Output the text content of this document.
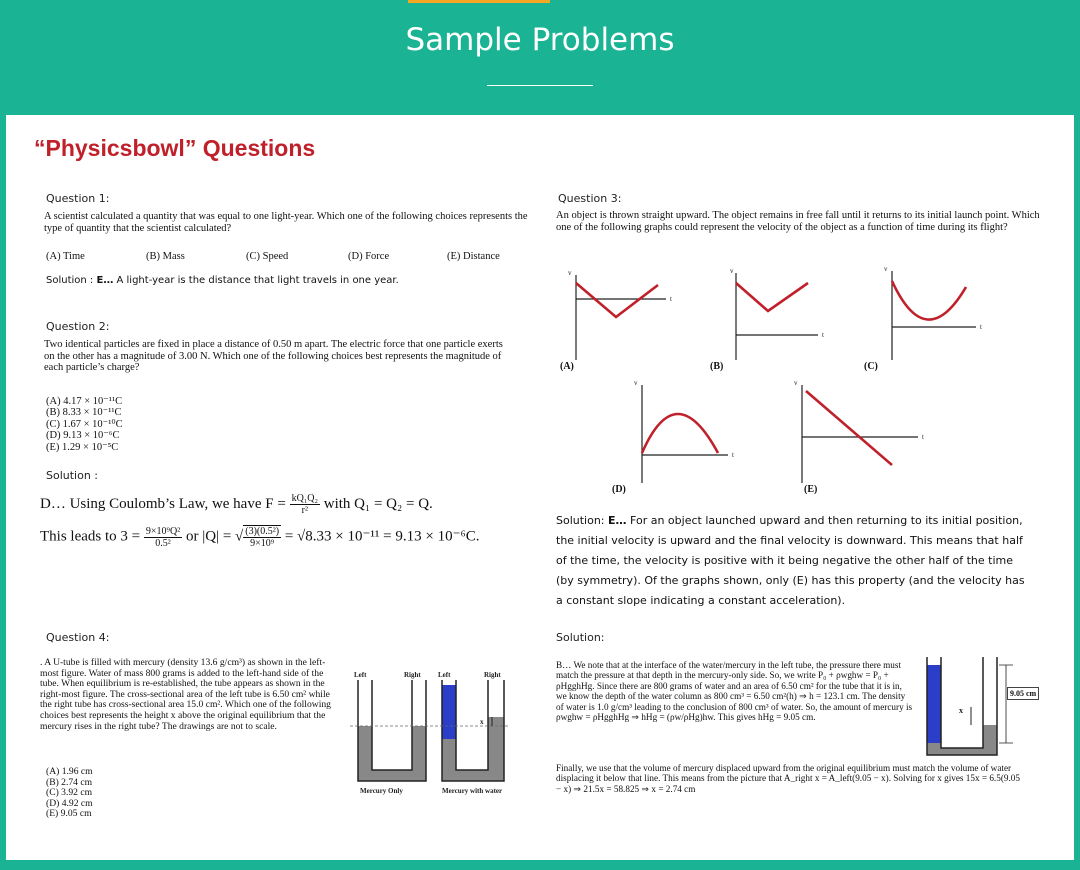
Sample Problems
“Physicsbowl” Questions
Question 1:
A scientist calculated a quantity that was equal to one light-year. Which one of the following choices represents the type of quantity that the scientist calculated?
(A) Time	(B) Mass	(C) Speed	(D) Force	(E) Distance
Solution : E… A light-year is the distance that light travels in one year.
Question 2:
Two identical particles are fixed in place a distance of 0.50 m apart. The electric force that one particle exerts on the other has a magnitude of 3.00 N. Which one of the following choices best represents the magnitude of each particle’s charge?
(A) 4.17 × 10⁻¹¹C
(B) 8.33 × 10⁻¹¹C
(C) 1.67 × 10⁻¹⁰C
(D) 9.13 × 10⁻⁶C
(E) 1.29 × 10⁻⁵C
Solution :
D… Using Coulomb’s Law, we have $F = \frac{\text{kQ₁Q₂}}{\text{r²}}$ with Q₁ = Q₂ = Q.
This leads to $3 = \frac{\text{9×10⁹Q²}}{\text{0.5²}}$ or |Q| = √ $\frac{\text{(3)(0.5²)}}{\text{9×10⁹}} = √8.33 \times 10^{-11} = 9.13 \times 10^{-6}C$.
Question 3:
An object is thrown straight upward. The object remains in free fall until it returns to its initial launch point. Which one of the following graphs could represent the velocity of the object as a function of time during its flight?
v
t
v
t
v
t
v
t
v
t
(A)	(B)	(C)
(D)	(E)
Solution: E… For an object launched upward and then returning to its initial position, the initial velocity is upward and the final velocity is downward. This means that half of the time, the velocity is positive with it being negative the other half of the time (by symmetry). Of the graphs shown, only (E) has this property (and the velocity has a constant slope indicating a constant acceleration).
Question 4:
. A U-tube is filled with mercury (density 13.6 g/cm³) as shown in the left-most figure. Water of mass 800 grams is added to the left-hand side of the tube. When equilibrium is re-established, the tube appears as shown in the right-most figure. The cross-sectional area of the left tube is 6.50 cm² while the right tube has cross-sectional area 15.0 cm². Which one of the following choices best represents the height x above the original equilibrium that the mercury rises in the right tube? The drawings are not to scale.
(A) 1.96 cm
(B) 2.74 cm
(C) 3.92 cm
(D) 4.92 cm
(E) 9.05 cm
Left	Right Left	Right
Mercury Only	Mercury with water
x
Solution:
B… We note that at the interface of the water/mercury in the left tube, the pressure there must match the pressure at that depth in the mercury-only side. So, we write P₀ + ρwghw = P₀ + ρHgghHg. Since there are 800 grams of water and an area of 6.50 cm² for the tube that it is in, we know the depth of the water column as 800 cm³ = 6.50 cm²(h) ⇒ h = 123.1 cm. The density of water is 1.0 g/cm³ leading to the conclusion of 800 cm³ of water. So, the amount of mercury is ρwghw = ρHgghHg ⇒ hHg = (ρw/ρHg)hw. This gives hHg = 9.05 cm.
Finally, we use that the volume of mercury displaced upward from the original equilibrium must match the volume of water displacing it below that line. This means from the picture that A_right x = A_left(9.05 − x). Solving for x gives 15x = 6.5(9.05 − x) ⇒ 21.5x = 58.825 ⇒ x = 2.74 cm
x
9.05 cm
